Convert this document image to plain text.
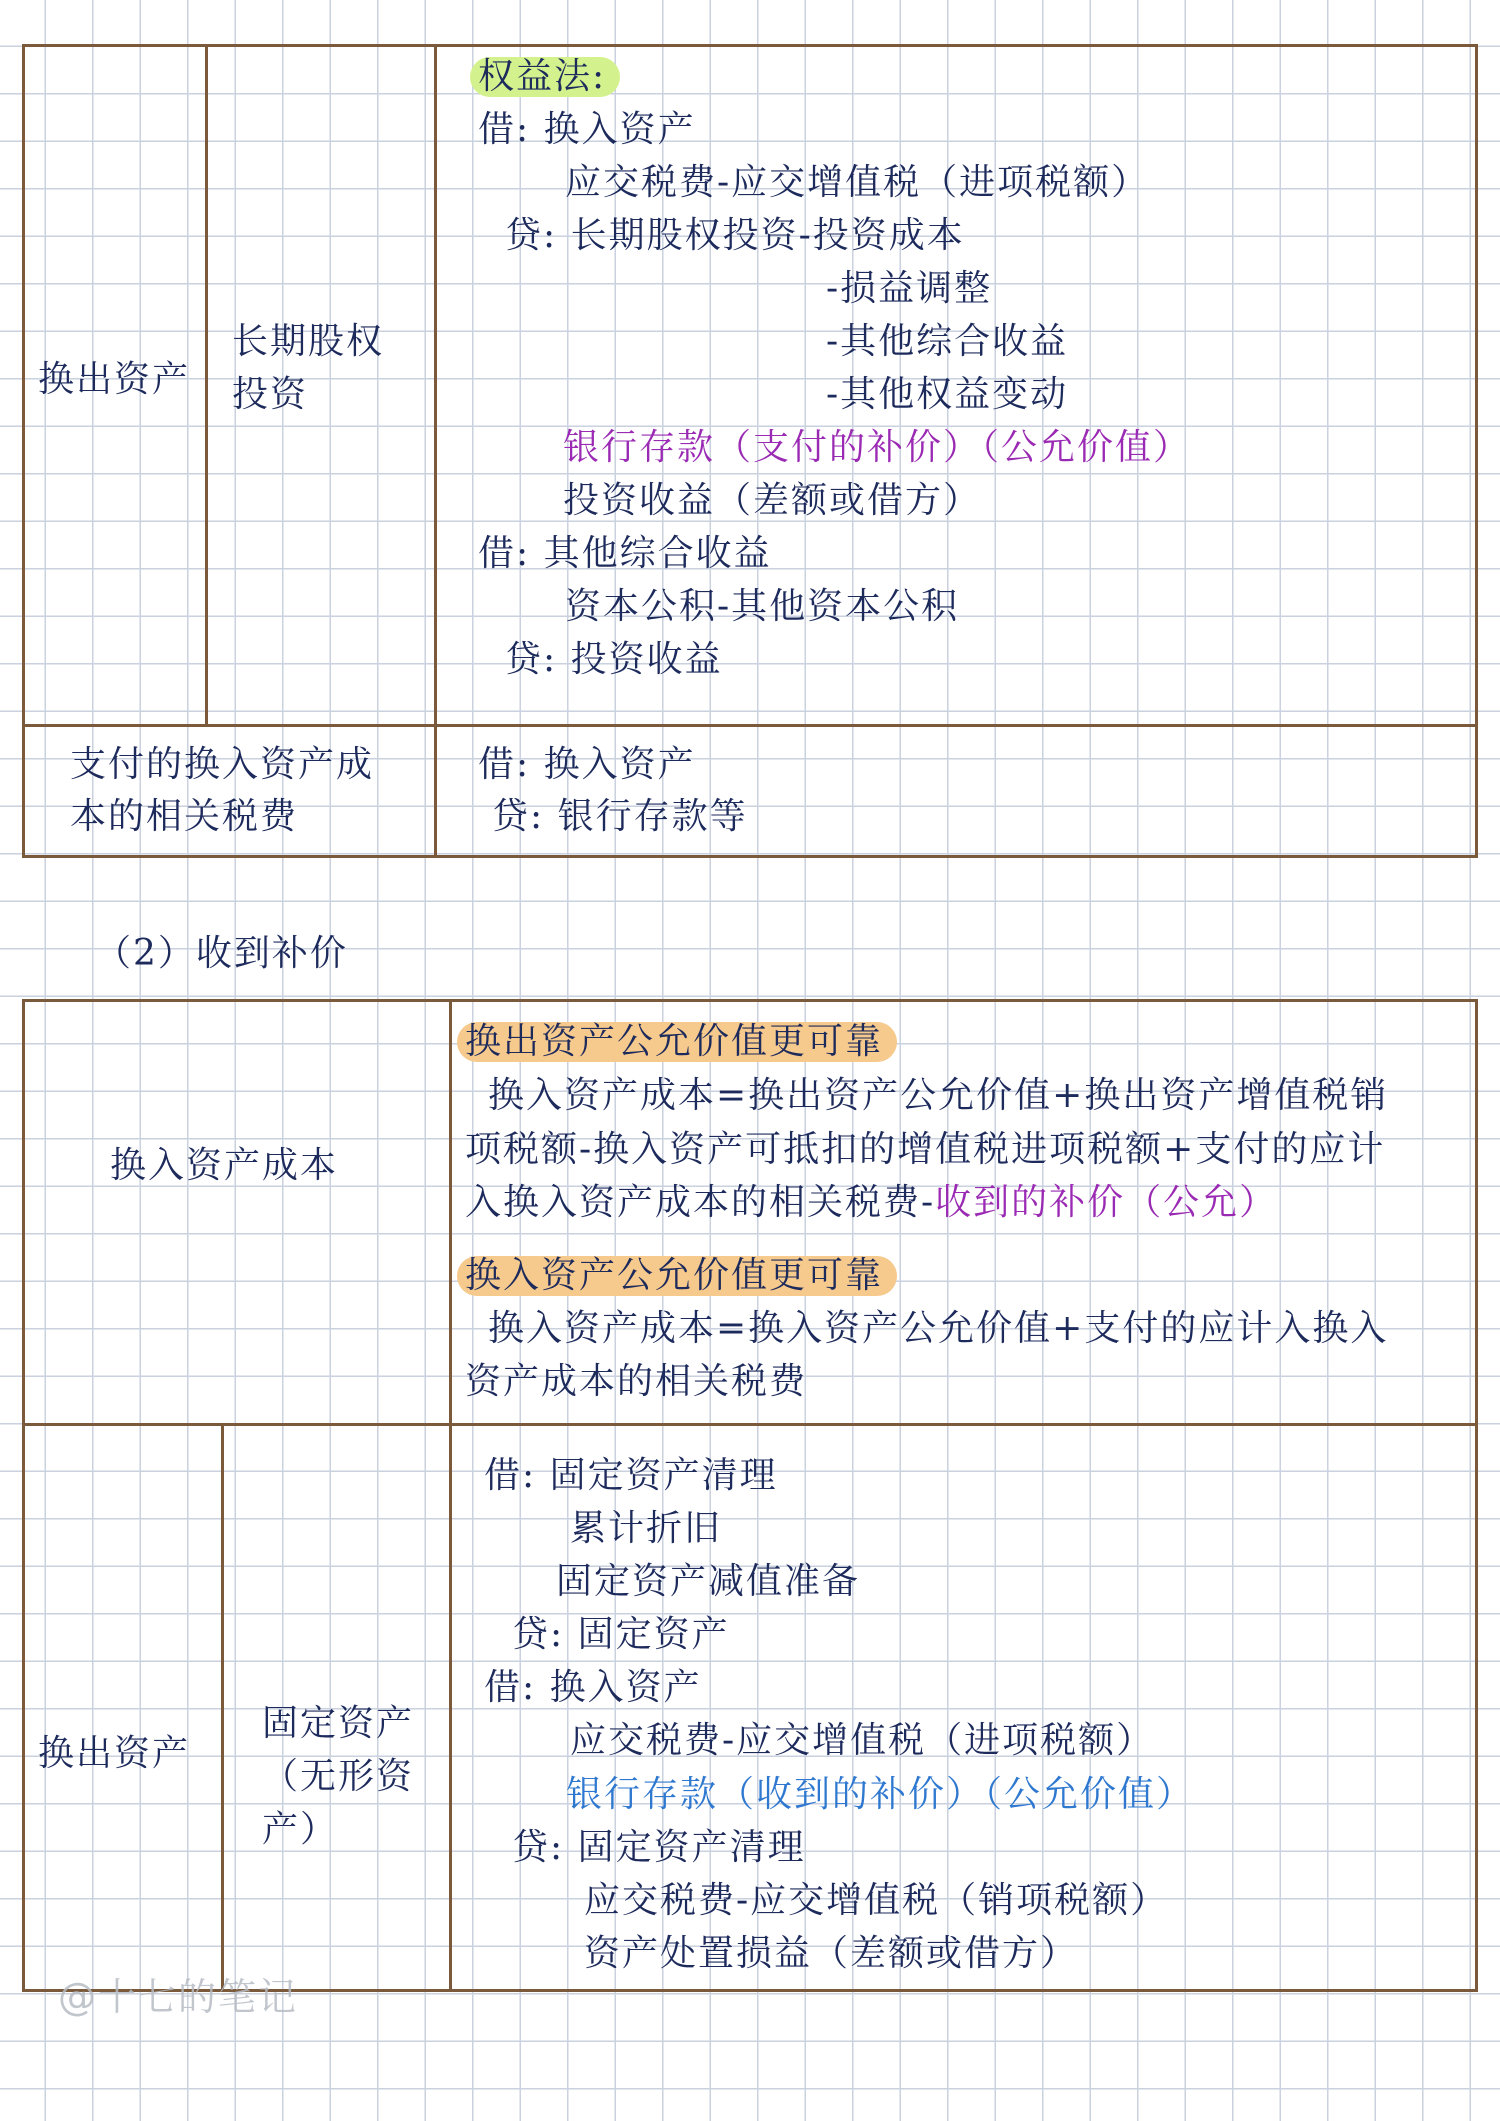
换出资产
长期股权
投资
权益法:
借: 换入资产
应交税费-应交增值税（进项税额）
贷: 长期股权投资-投资成本
-损益调整
-其他综合收益
-其他权益变动
银行存款（支付的补价）（公允价值）
投资收益（差额或借方）
借: 其他综合收益
资本公积-其他资本公积
贷: 投资收益
支付的换入资产成
本的相关税费
借: 换入资产
贷: 银行存款等
（2）收到补价
换入资产成本
换出资产公允价值更可靠
换入资产成本=换出资产公允价值+换出资产增值税销
项税额-换入资产可抵扣的增值税进项税额+支付的应计
入换入资产成本的相关税费-收到的补价（公允）
换入资产公允价值更可靠
换入资产成本=换入资产公允价值+支付的应计入换入
资产成本的相关税费
换出资产
固定资产
（无形资
产）
借: 固定资产清理
累计折旧
固定资产减值准备
贷: 固定资产
借: 换入资产
应交税费-应交增值税（进项税额）
银行存款（收到的补价）（公允价值）
贷: 固定资产清理
应交税费-应交增值税（销项税额）
资产处置损益（差额或借方）
@十七的笔记
